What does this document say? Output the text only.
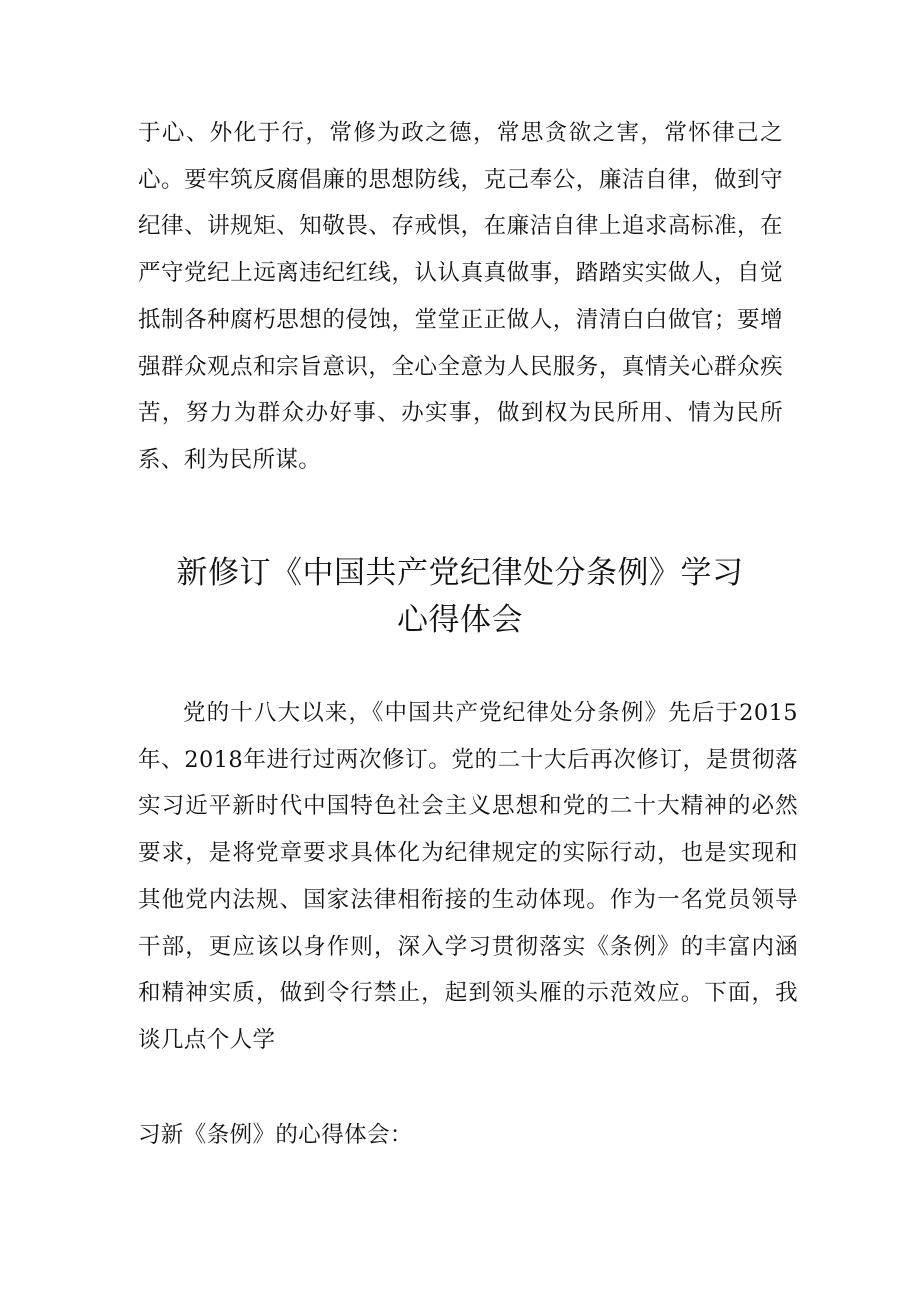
于心、外化于行，常修为政之德，常思贪欲之害，常怀律己之心。要牢筑反腐倡廉的思想防线，克己奉公，廉洁自律，做到守纪律、讲规矩、知敬畏、存戒惧，在廉洁自律上追求高标准，在严守党纪上远离违纪红线，认认真真做事，踏踏实实做人，自觉抵制各种腐朽思想的侵蚀，堂堂正正做人，清清白白做官；要增强群众观点和宗旨意识，全心全意为人民服务，真情关心群众疾苦，努力为群众办好事、办实事，做到权为民所用、情为民所系、利为民所谋。

新修订《中国共产党纪律处分条例》学习
心得体会

党的十八大以来，《中国共产党纪律处分条例》先后于2015年、2018年进行过两次修订。党的二十大后再次修订，是贯彻落实习近平新时代中国特色社会主义思想和党的二十大精神的必然要求，是将党章要求具体化为纪律规定的实际行动，也是实现和其他党内法规、国家法律相衔接的生动体现。作为一名党员领导干部，更应该以身作则，深入学习贯彻落实《条例》的丰富内涵和精神实质，做到令行禁止，起到领头雁的示范效应。下面，我谈几点个人学

习新《条例》的心得体会：
